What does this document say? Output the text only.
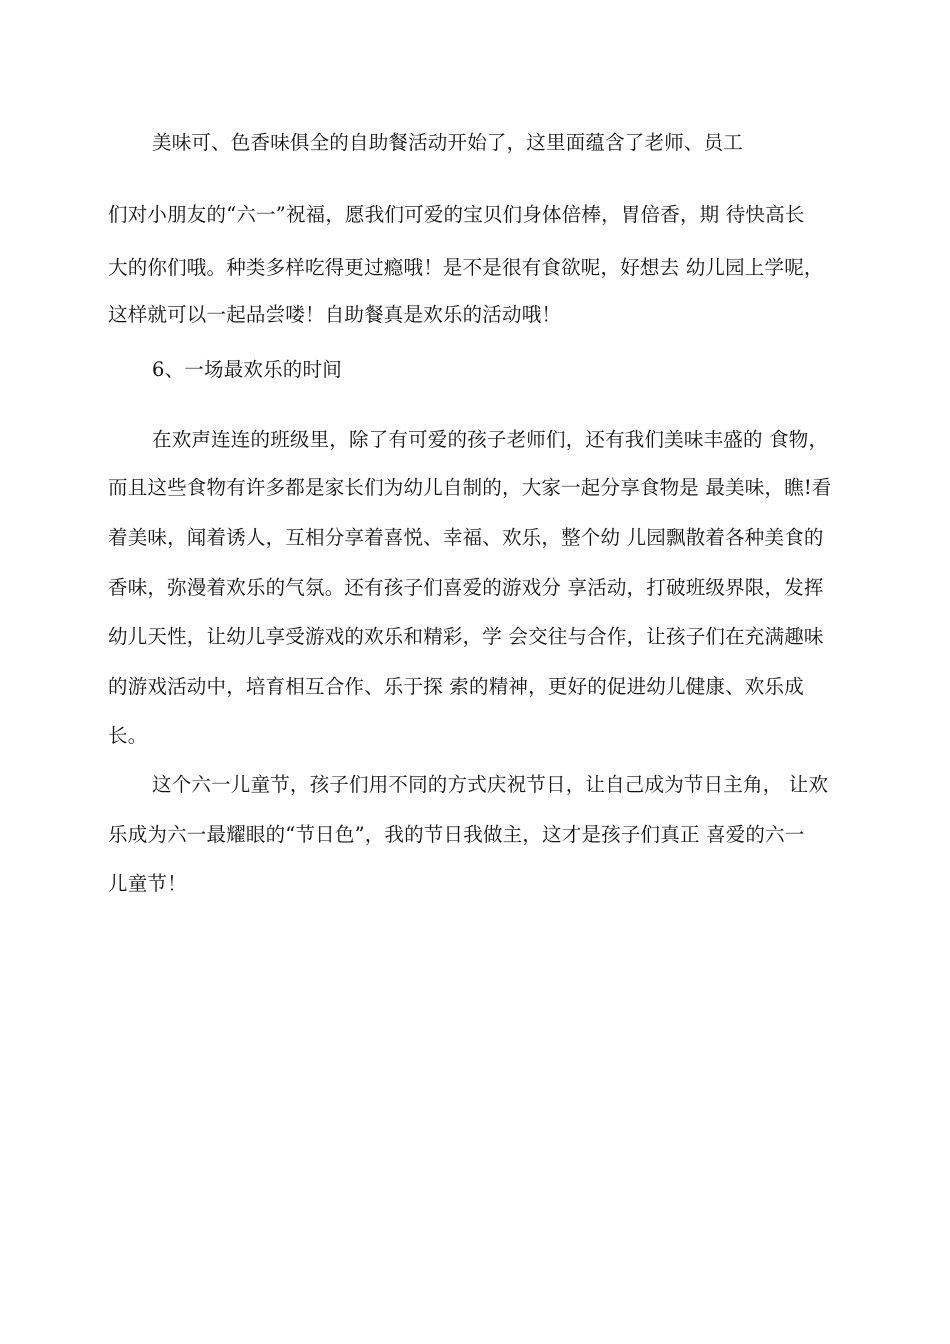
美味可、色香味俱全的自助餐活动开始了，这里面蕴含了老师、员工
们对小朋友的“六一”祝福，愿我们可爱的宝贝们身体倍棒，胃倍香，期 待快高长
大的你们哦。种类多样吃得更过瘾哦！是不是很有食欲呢，好想去 幼儿园上学呢，
这样就可以一起品尝喽！自助餐真是欢乐的活动哦！
6、一场最欢乐的时间
在欢声连连的班级里，除了有可爱的孩子老师们，还有我们美味丰盛的 食物，
而且这些食物有许多都是家长们为幼儿自制的，大家一起分享食物是 最美味，瞧!看
着美味，闻着诱人，互相分享着喜悦、幸福、欢乐，整个幼 儿园飘散着各种美食的
香味，弥漫着欢乐的气氛。还有孩子们喜爱的游戏分 享活动，打破班级界限，发挥
幼儿天性，让幼儿享受游戏的欢乐和精彩，学 会交往与合作，让孩子们在充满趣味
的游戏活动中，培育相互合作、乐于探 索的精神，更好的促进幼儿健康、欢乐成
长。
这个六一儿童节，孩子们用不同的方式庆祝节日，让自己成为节日主角， 让欢
乐成为六一最耀眼的“节日色”，我的节日我做主，这才是孩子们真正 喜爱的六一
儿童节！
